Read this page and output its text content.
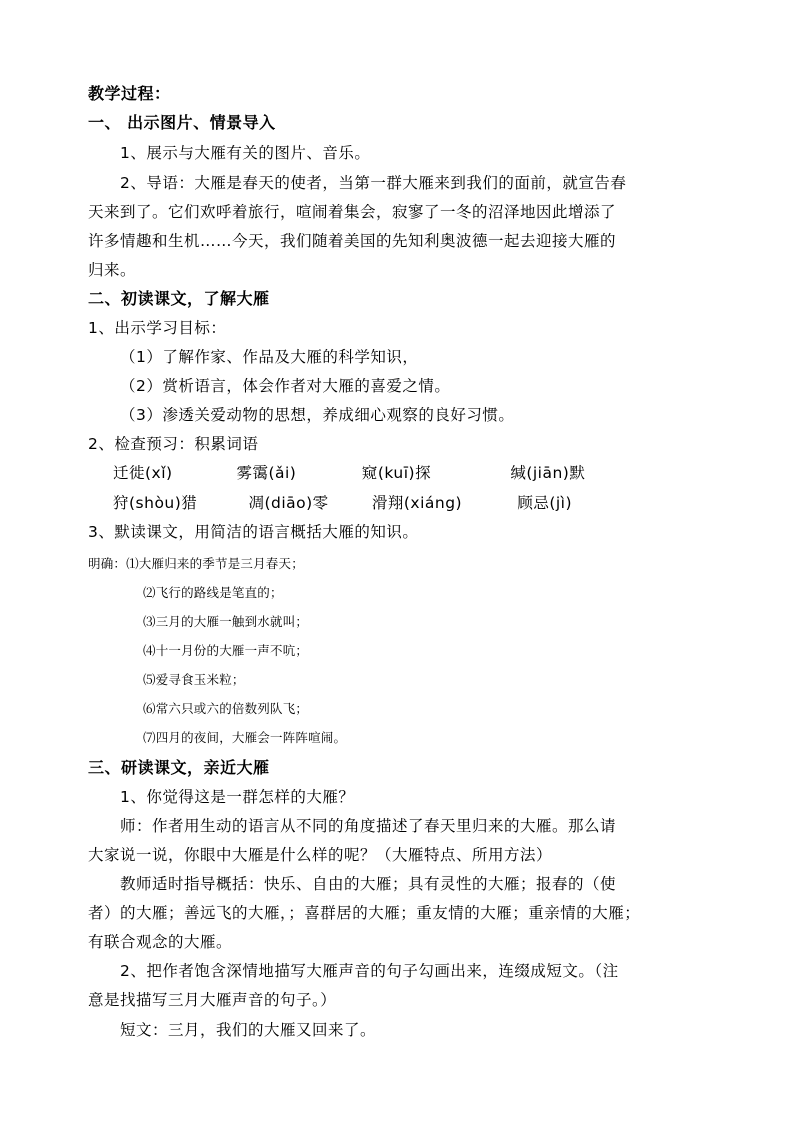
教学过程：
一、 出示图片、情景导入
1、展示与大雁有关的图片、音乐。
2、导语：大雁是春天的使者，当第一群大雁来到我们的面前，就宣告春
天来到了。它们欢呼着旅行，喧闹着集会，寂寥了一冬的沼泽地因此增添了
许多情趣和生机……今天，我们随着美国的先知利奥波德一起去迎接大雁的
归来。
二、初读课文，了解大雁
1、出示学习目标：
（1）了解作家、作品及大雁的科学知识，
（2）赏析语言，体会作者对大雁的喜爱之情。
（3）渗透关爱动物的思想，养成细心观察的良好习惯。
2、检查预习：积累词语
迁徙(xǐ)	雾霭(ǎi)	窥(kuī)探	缄(jiān)默
狩(shòu)猎	凋(diāo)零	滑翔(xiáng)	顾忌(jì)
3、默读课文，用简洁的语言概括大雁的知识。
明确：⑴大雁归来的季节是三月春天；
⑵飞行的路线是笔直的；
⑶三月的大雁一触到水就叫；
⑷十一月份的大雁一声不吭；
⑸爱寻食玉米粒；
⑹常六只或六的倍数列队飞；
⑺四月的夜间，大雁会一阵阵喧闹。
三、研读课文，亲近大雁
1、你觉得这是一群怎样的大雁？
师：作者用生动的语言从不同的角度描述了春天里归来的大雁。那么请
大家说一说，你眼中大雁是什么样的呢？（大雁特点、所用方法）
教师适时指导概括：快乐、自由的大雁；具有灵性的大雁；报春的（使
者）的大雁；善远飞的大雁，；喜群居的大雁；重友情的大雁；重亲情的大雁；
有联合观念的大雁。
2、把作者饱含深情地描写大雁声音的句子勾画出来，连缀成短文。（注
意是找描写三月大雁声音的句子。）
短文：三月，我们的大雁又回来了。
